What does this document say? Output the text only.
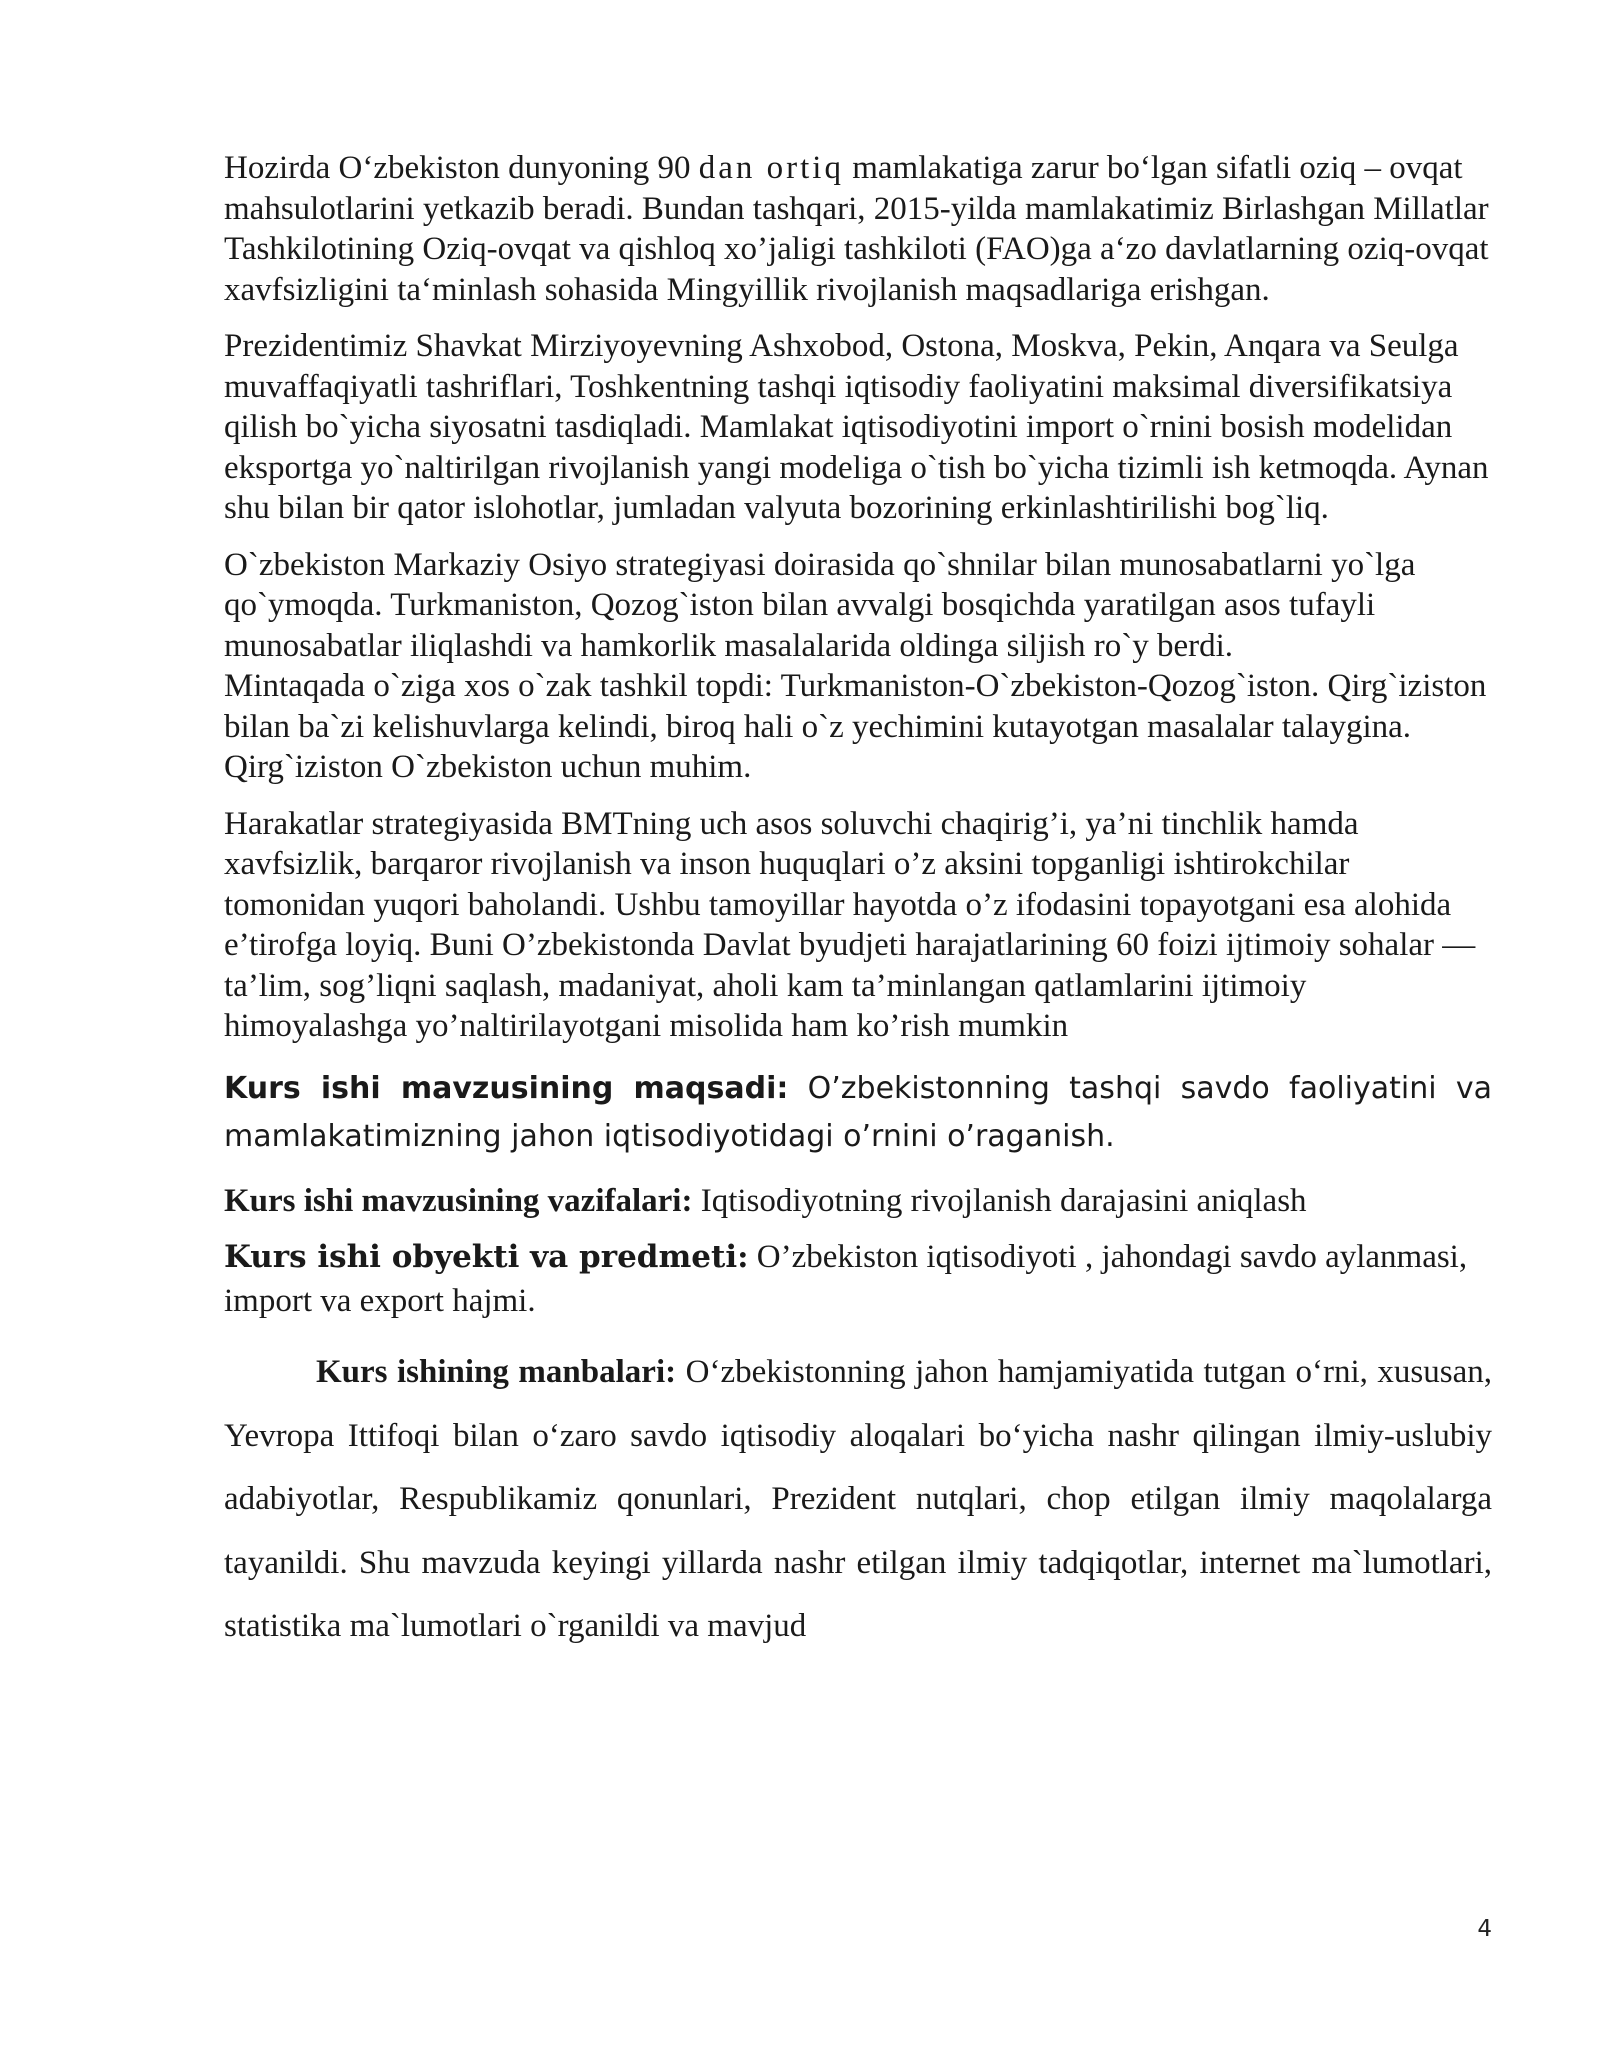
Hozirda O‘zbekiston dunyoning 90 dan ortiq mamlakatiga zarur bo‘lgan sifatli oziq – ovqat mahsulotlarini yetkazib beradi. Bundan tashqari, 2015-yilda mamlakatimiz Birlashgan Millatlar Tashkilotining Oziq-ovqat va qishloq xo’jaligi tashkiloti (FAO)ga a‘zo davlatlarning oziq-ovqat xavfsizligini ta‘minlash sohasida Mingyillik rivojlanish maqsadlariga erishgan.

Prezidentimiz Shavkat Mirziyoyevning Ashxobod, Ostona, Moskva, Pekin, Anqara va Seulga muvaffaqiyatli tashriflari, Toshkentning tashqi iqtisodiy faoliyatini maksimal diversifikatsiya qilish bo`yicha siyosatni tasdiqladi. Mamlakat iqtisodiyotini import o`rnini bosish modelidan eksportga yo`naltirilgan rivojlanish yangi modeliga o`tish bo`yicha tizimli ish ketmoqda. Aynan shu bilan bir qator islohotlar, jumladan valyuta bozorining erkinlashtirilishi bog`liq.

O`zbekiston Markaziy Osiyo strategiyasi doirasida qo`shnilar bilan munosabatlarni yo`lga qo`ymoqda. Turkmaniston, Qozog`iston bilan avvalgi bosqichda yaratilgan asos tufayli munosabatlar iliqlashdi va hamkorlik masalalarida oldinga siljish ro`y berdi.

Mintaqada o`ziga xos o`zak tashkil topdi: Turkmaniston-O`zbekiston-Qozog`iston. Qirg`iziston bilan ba`zi kelishuvlarga kelindi, biroq hali o`z yechimini kutayotgan masalalar talaygina. Qirg`iziston O`zbekiston uchun muhim.

Harakatlar strategiyasida BMTning uch asos soluvchi chaqirig’i, ya’ni tinchlik hamda xavfsizlik, barqaror rivojlanish va inson huquqlari o’z aksini topganligi ishtirokchilar tomonidan yuqori baholandi. Ushbu tamoyillar hayotda o’z ifodasini topayotgani esa alohida e’tirofga loyiq. Buni O’zbekistonda Davlat byudjeti harajatlarining 60 foizi ijtimoiy sohalar — ta’lim, sog’liqni saqlash, madaniyat, aholi kam ta’minlangan qatlamlarini ijtimoiy himoyalashga yo’naltirilayotgani misolida ham ko’rish mumkin

Kurs ishi mavzusining maqsadi: O’zbekistonning tashqi savdo faoliyatini va mamlakatimizning jahon iqtisodiyotidagi o’rnini o’raganish.

Kurs ishi mavzusining vazifalari: Iqtisodiyotning rivojlanish darajasini aniqlash

Kurs ishi obyekti va predmeti: O’zbekiston iqtisodiyoti , jahondagi savdo aylanmasi, import va export hajmi.

Kurs ishining manbalari: O‘zbekistonning jahon hamjamiyatida tutgan o‘rni, xususan, Yevropa Ittifoqi bilan o‘zaro savdo iqtisodiy aloqalari bo‘yicha nashr qilingan ilmiy-uslubiy adabiyotlar, Respublikamiz qonunlari, Prezident nutqlari, chop etilgan ilmiy maqolalarga tayanildi. Shu mavzuda keyingi yillarda nashr etilgan ilmiy tadqiqotlar, internet ma`lumotlari, statistika ma`lumotlari o`rganildi va mavjud

4
